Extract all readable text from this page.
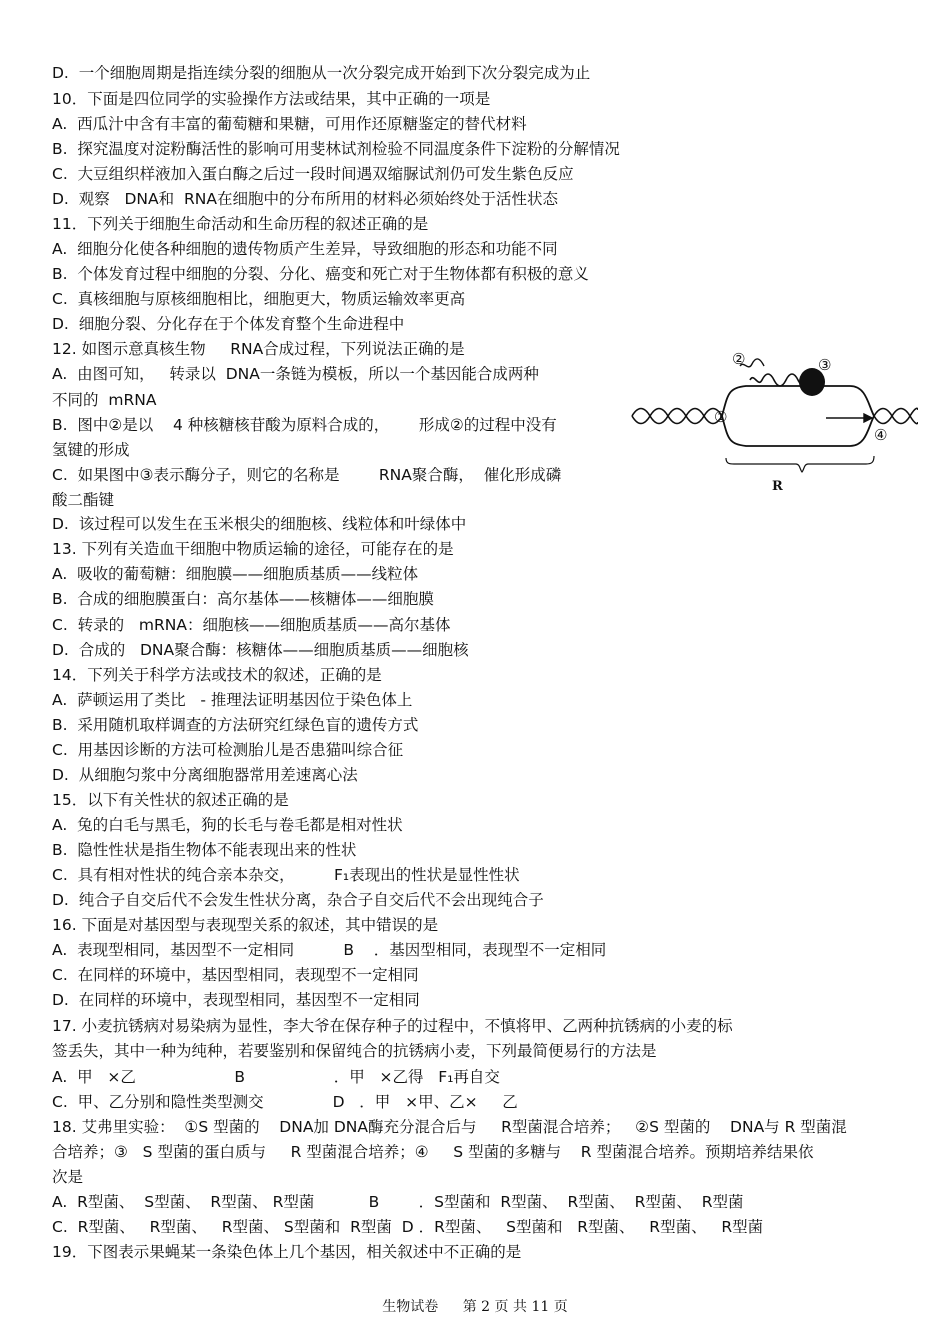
D.  一个细胞周期是指连续分裂的细胞从一次分裂完成开始到下次分裂完成为止
10．下面是四位同学的实验操作方法或结果，其中正确的一项是
A.  西瓜汁中含有丰富的葡萄糖和果糖，可用作还原糖鉴定的替代材料
B.  探究温度对淀粉酶活性的影响可用斐林试剂检验不同温度条件下淀粉的分解情况
C.  大豆组织样液加入蛋白酶之后过一段时间遇双缩脲试剂仍可发生紫色反应
D.  观察   DNA和  RNA在细胞中的分布所用的材料必须始终处于活性状态
11．下列关于细胞生命活动和生命历程的叙述正确的是
A.  细胞分化使各种细胞的遗传物质产生差异，导致细胞的形态和功能不同
B.  个体发育过程中细胞的分裂、分化、癌变和死亡对于生物体都有积极的意义
C.  真核细胞与原核细胞相比，细胞更大，物质运输效率更高
D.  细胞分裂、分化存在于个体发育整个生命进程中
12. 如图示意真核生物     RNA合成过程，下列说法正确的是
A.  由图可知，   转录以  DNA一条链为模板，所以一个基因能合成两种
不同的  mRNA
B.  图中②是以    4 种核糖核苷酸为原料合成的，      形成②的过程中没有
氢键的形成
C.  如果图中③表示酶分子，则它的名称是        RNA聚合酶，  催化形成磷
酸二酯键
D.  该过程可以发生在玉米根尖的细胞核、线粒体和叶绿体中
13. 下列有关造血干细胞中物质运输的途径，可能存在的是
A.  吸收的葡萄糖：细胞膜——细胞质基质——线粒体
B.  合成的细胞膜蛋白：高尔基体——核糖体——细胞膜
C.  转录的   mRNA：细胞核——细胞质基质——高尔基体
D.  合成的   DNA聚合酶：核糖体——细胞质基质——细胞核
14．下列关于科学方法或技术的叙述，正确的是
A.  萨顿运用了类比   - 推理法证明基因位于染色体上
B.  采用随机取样调查的方法研究红绿色盲的遗传方式
C.  用基因诊断的方法可检测胎儿是否患猫叫综合征
D.  从细胞匀浆中分离细胞器常用差速离心法
15．以下有关性状的叙述正确的是
A.  兔的白毛与黑毛，狗的长毛与卷毛都是相对性状
B.  隐性性状是指生物体不能表现出来的性状
C.  具有相对性状的纯合亲本杂交，        F₁表现出的性状是显性性状
D.  纯合子自交后代不会发生性状分离，杂合子自交后代不会出现纯合子
16. 下面是对基因型与表现型关系的叙述，其中错误的是
A.  表现型相同，基因型不一定相同          B    ．基因型相同，表现型不一定相同
C.  在同样的环境中，基因型相同，表现型不一定相同
D.  在同样的环境中，表现型相同，基因型不一定相同
17. 小麦抗锈病对易染病为显性，李大爷在保存种子的过程中，不慎将甲、乙两种抗锈病的小麦的标
签丢失，其中一种为纯种，若要鉴别和保留纯合的抗锈病小麦，下列最简便易行的方法是
A.  甲   ×乙                    B                  ．甲   ×乙得   F₁再自交
C.  甲、乙分别和隐性类型测交              D   ．甲   ×甲、乙×     乙
18. 艾弗里实验：  ①S 型菌的    DNA加 DNA酶充分混合后与     R型菌混合培养；   ②S 型菌的    DNA与 R 型菌混
合培养；③   S 型菌的蛋白质与     R 型菌混合培养；④     S 型菌的多糖与    R 型菌混合培养。预期培养结果依
次是
A.  R型菌、  S型菌、  R型菌、 R型菌           B        ．S型菌和  R型菌、  R型菌、  R型菌、  R型菌
C.  R型菌、   R型菌、   R型菌、 S型菌和  R型菌  D ．R型菌、   S型菌和   R型菌、   R型菌、   R型菌
19．下图表示果蝇某一条染色体上几个基因，相关叙述中不正确的是
②	③
①
④
R
生物试卷 第 2 页 共 11 页
